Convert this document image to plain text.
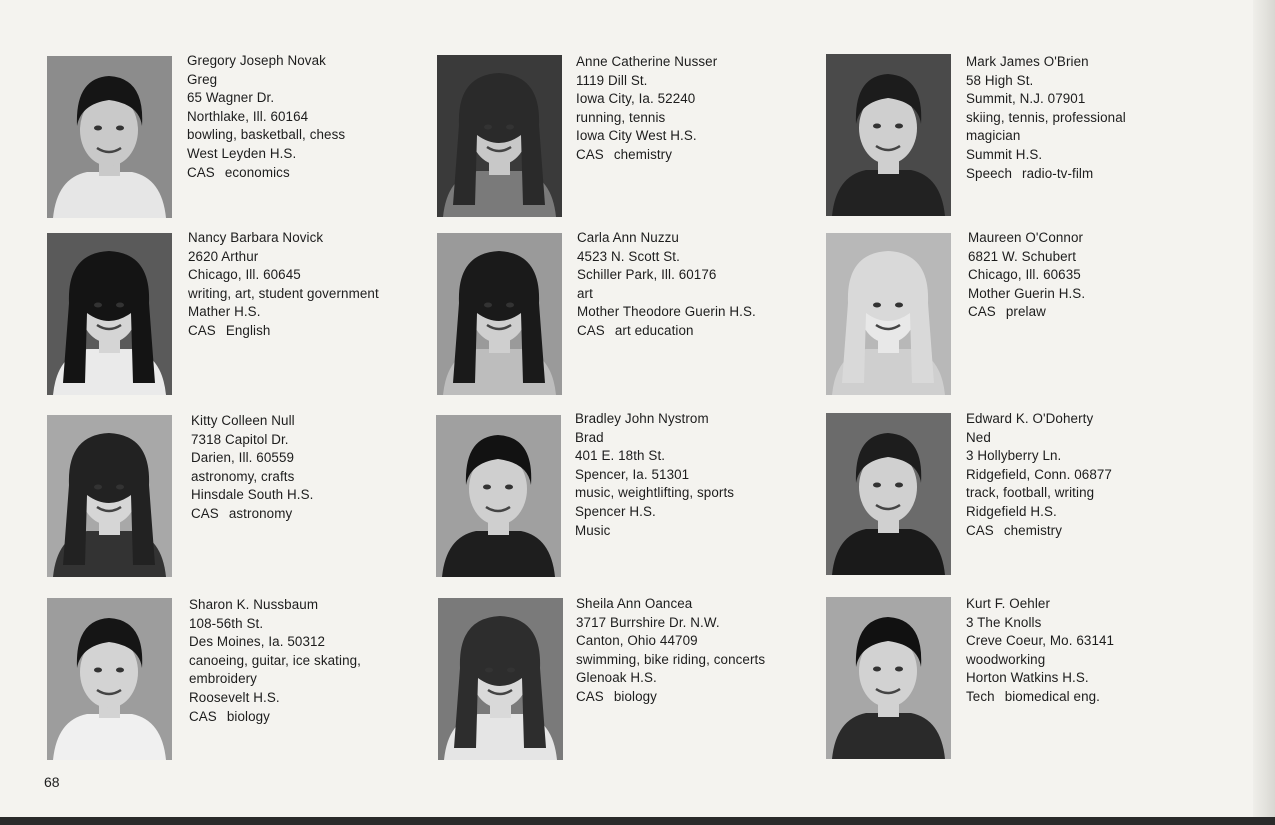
Gregory Joseph Novak
Greg
65 Wagner Dr.
Northlake, Ill. 60164
bowling, basketball, chess
West Leyden H.S.
CAS economics
Anne Catherine Nusser
1119 Dill St.
Iowa City, Ia. 52240
running, tennis
Iowa City West H.S.
CAS chemistry
Mark James O'Brien
58 High St.
Summit, N.J. 07901
skiing, tennis, professional magician
Summit H.S.
Speech radio-tv-film
Nancy Barbara Novick
2620 Arthur
Chicago, Ill. 60645
writing, art, student government
Mather H.S.
CAS English
Carla Ann Nuzzu
4523 N. Scott St.
Schiller Park, Ill. 60176
art
Mother Theodore Guerin H.S.
CAS art education
Maureen O'Connor
6821 W. Schubert
Chicago, Ill. 60635
Mother Guerin H.S.
CAS prelaw
Kitty Colleen Null
7318 Capitol Dr.
Darien, Ill. 60559
astronomy, crafts
Hinsdale South H.S.
CAS astronomy
Bradley John Nystrom
Brad
401 E. 18th St.
Spencer, Ia. 51301
music, weightlifting, sports
Spencer H.S.
Music
Edward K. O'Doherty
Ned
3 Hollyberry Ln.
Ridgefield, Conn. 06877
track, football, writing
Ridgefield H.S.
CAS chemistry
Sharon K. Nussbaum
108-56th St.
Des Moines, Ia. 50312
canoeing, guitar, ice skating, embroidery
Roosevelt H.S.
CAS biology
Sheila Ann Oancea
3717 Burrshire Dr. N.W.
Canton, Ohio 44709
swimming, bike riding, concerts
Glenoak H.S.
CAS biology
Kurt F. Oehler
3 The Knolls
Creve Coeur, Mo. 63141
woodworking
Horton Watkins H.S.
Tech biomedical eng.
68
